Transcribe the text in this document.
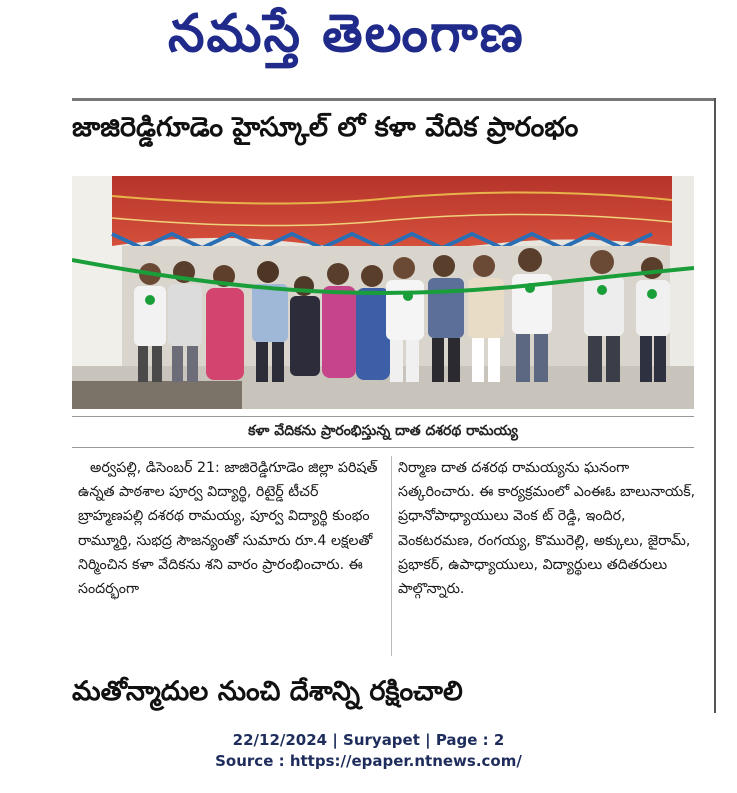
నమస్తే తెలంగాణ
జాజిరెడ్డిగూడెం హైస్కూల్ లో కళా వేదిక ప్రారంభం
కళా వేదికను ప్రారంభిస్తున్న దాత దశరథ రామయ్య

అర్వపల్లి, డిసెంబర్ 21: జాజిరెడ్డిగూడెం జిల్లా పరిషత్ ఉన్నత పాఠశాల పూర్వ విద్యార్థి, రిటైర్డ్ టీచర్ బ్రాహ్మణపల్లి దశరథ రామయ్య, పూర్వ విద్యార్థి కుంభం రామ్మూర్తి, సుభద్ర సౌజన్యంతో సుమారు రూ.4 లక్షలతో నిర్మించిన కళా వేదికను శని వారం ప్రారంభించారు. ఈ సందర్భంగా

నిర్మాణ దాత దశరథ రామయ్యను ఘనంగా సత్కరించారు. ఈ కార్యక్రమంలో ఎంఈఓ బాలునాయక్, ప్రధానోపాధ్యాయులు వెంక ట్ రెడ్డి, ఇందిర, వెంకటరమణ, రంగయ్య, కొమురెల్లి, అక్కులు, జైరామ్, ప్రభాకర్, ఉపాధ్యాయులు, విద్యార్థులు తదితరులు పాల్గొన్నారు.

మతోన్మాదుల నుంచి దేశాన్ని రక్షించాలి
22/12/2024 | Suryapet | Page : 2
Source : https://epaper.ntnews.com/
